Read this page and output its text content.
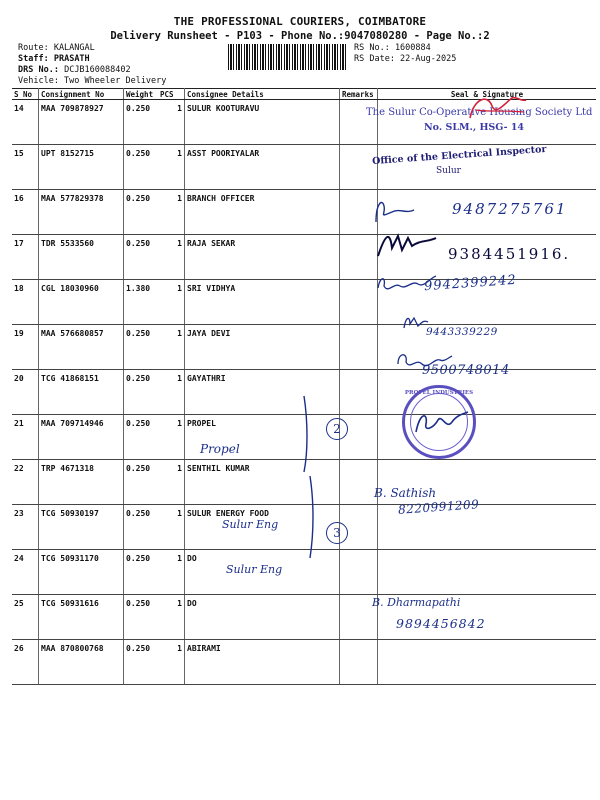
THE PROFESSIONAL COURIERS, COIMBATORE
Delivery Runsheet - P103 - Phone No.:9047080280 - Page No.:2
Route: KALANGAL
Staff: PRASATH
DRS No.: DCJB160088402
Vehicle: Two Wheeler Delivery
RS No.: 1600884
RS Date: 22-Aug-2025
S No	Consignment No	Weight	PCS	Consignee Details	Remarks	Seal & Signature
14	MAA 709878927	0.250	1	SULUR KOOTURAVU		
15	UPT 8152715	0.250	1	ASST POORIYALAR		
16	MAA 577829378	0.250	1	BRANCH OFFICER		
17	TDR 5533560	0.250	1	RAJA SEKAR		
18	CGL 18030960	1.380	1	SRI VIDHYA		
19	MAA 576680857	0.250	1	JAYA DEVI		
20	TCG 41868151	0.250	1	GAYATHRI		
21	MAA 709714946	0.250	1	PROPEL		
22	TRP 4671318	0.250	1	SENTHIL KUMAR		
23	TCG 50930197	0.250	1	SULUR ENERGY FOOD		
24	TCG 50931170	0.250	1	DO		
25	TCG 50931616	0.250	1	DO		
26	MAA 870800768	0.250	1	ABIRAMI		
The Sulur Co-Operative Housing Society Ltd
No. SLM., HSG- 14
Office of the Electrical Inspector
Sulur
PROPEL INDUSTRIES
9487275761
9384451916.
9942399242
9443339229
9500748014
Propel
2
3
B. Sathish
8220991209
Sulur Eng
Sulur Eng
B. Dharmapathi
9894456842
